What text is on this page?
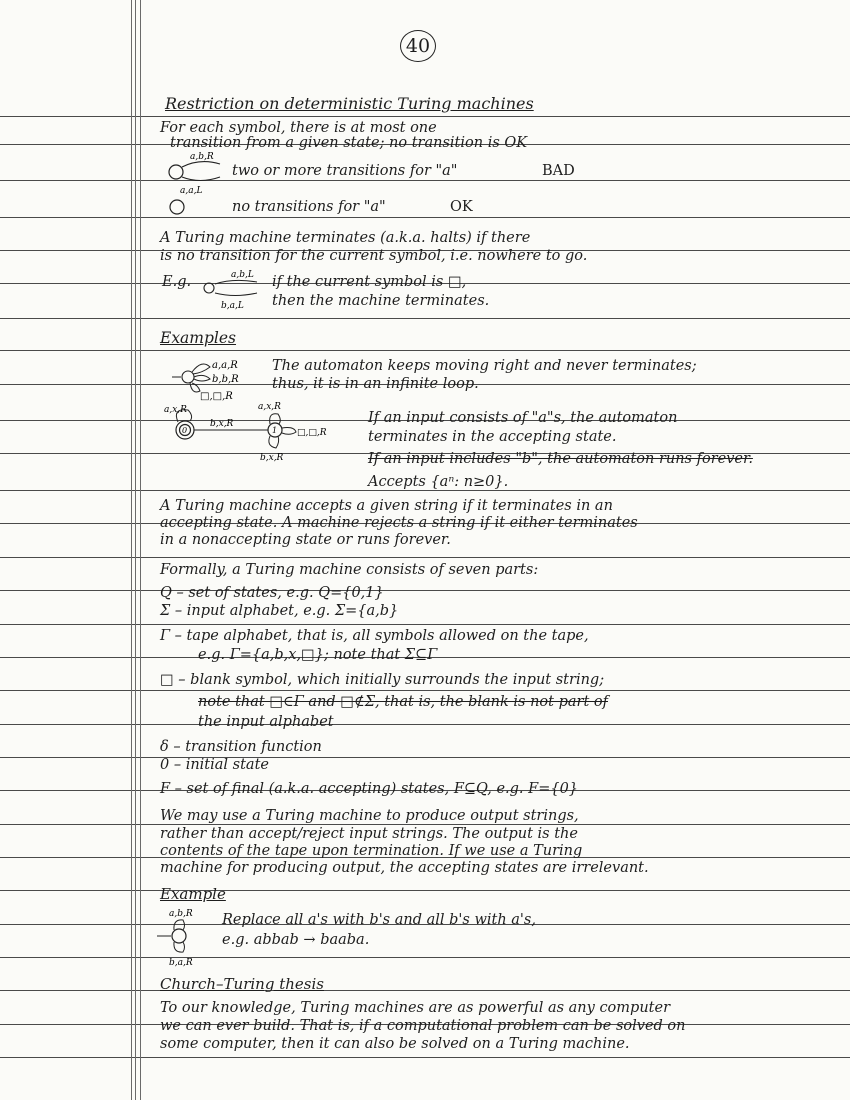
40
Restriction on deterministic Turing machines
For each symbol, there is at most one
transition from a given state; no transition is OK
a,b,R
a,a,L
two or more transitions for "a"	BAD
no transitions for "a"	OK
A Turing machine terminates (a.k.a. halts) if there
is no transition for the current symbol, i.e. nowhere to go.
E.g.	a,b,L
b,a,L
if the current symbol is □,
then the machine terminates.
Examples
a,a,R
b,b,R
□,□,R
The automaton keeps moving right and never terminates;
thus, it is in an infinite loop.
0
a,x,R
b,x,R
1
a,x,R
□,□,R
b,x,R
If an input consists of "a"s, the automaton
terminates in the accepting state.
If an input includes "b", the automaton runs forever.
Accepts {aⁿ: n≥0}.
A Turing machine accepts a given string if it terminates in an
accepting state. A machine rejects a string if it either terminates
in a nonaccepting state or runs forever.
Formally, a Turing machine consists of seven parts:
Q – set of states, e.g. Q={0,1}
Σ – input alphabet, e.g. Σ={a,b}
Γ – tape alphabet, that is, all symbols allowed on the tape,
e.g. Γ={a,b,x,□}; note that Σ⊆Γ
□ – blank symbol, which initially surrounds the input string;
note that □∈Γ and □∉Σ, that is, the blank is not part of
the input alphabet
δ – transition function
0 – initial state
F – set of final (a.k.a. accepting) states, F⊆Q, e.g. F={0}
We may use a Turing machine to produce output strings,
rather than accept/reject input strings. The output is the
contents of the tape upon termination. If we use a Turing
machine for producing output, the accepting states are irrelevant.
Example
a,b,R
b,a,R
Replace all a's with b's and all b's with a's,
e.g. abbab → baaba.
Church–Turing thesis
To our knowledge, Turing machines are as powerful as any computer
we can ever build. That is, if a computational problem can be solved on
some computer, then it can also be solved on a Turing machine.
